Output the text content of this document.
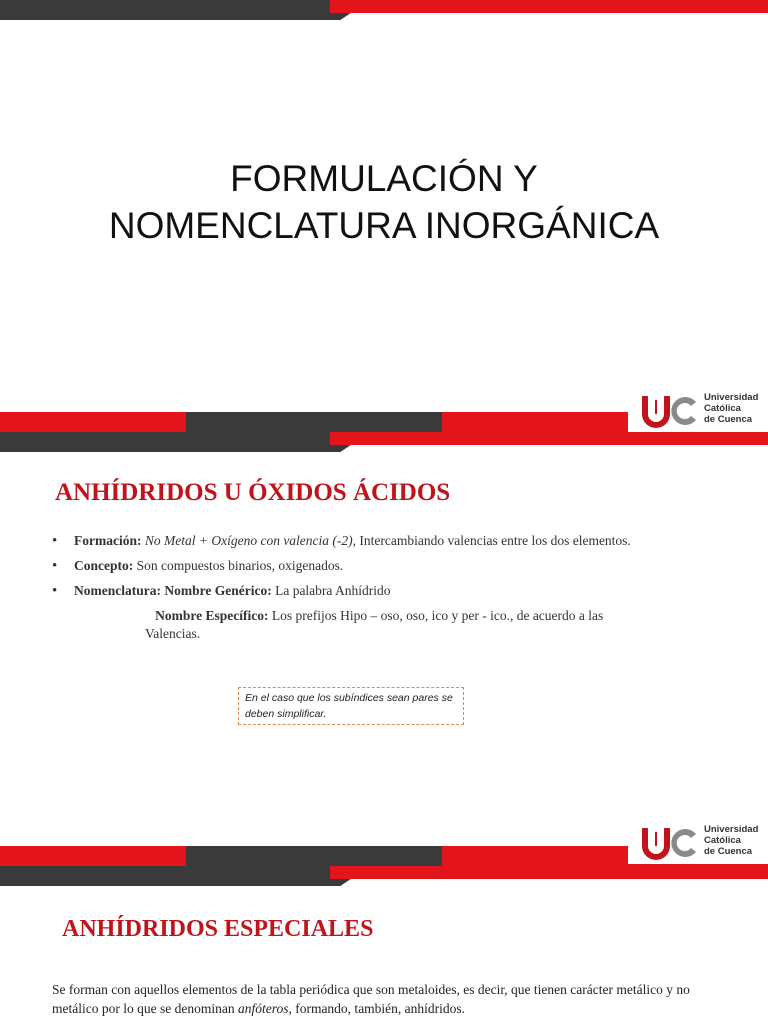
FORMULACIÓN Y
NOMENCLATURA INORGÁNICA
Universidad
Católica
de Cuenca
ANHÍDRIDOS U ÓXIDOS ÁCIDOS
• Formación: No Metal + Oxígeno con valencia (-2), Intercambiando valencias entre los dos elementos.
• Concepto: Son compuestos binarios, oxigenados.
• Nomenclatura: Nombre Genérico: La palabra Anhídrido
Nombre Específico: Los prefijos Hipo – oso, oso, ico y per - ico., de acuerdo a las Valencias.
En el caso que los subíndices sean pares se deben simplificar.
Universidad
Católica
de Cuenca
ANHÍDRIDOS ESPECIALES
Se forman con aquellos elementos de la tabla periódica que son metaloides, es decir, que tienen carácter metálico y no metálico por lo que se denominan anfóteros, formando, también, anhídridos.
